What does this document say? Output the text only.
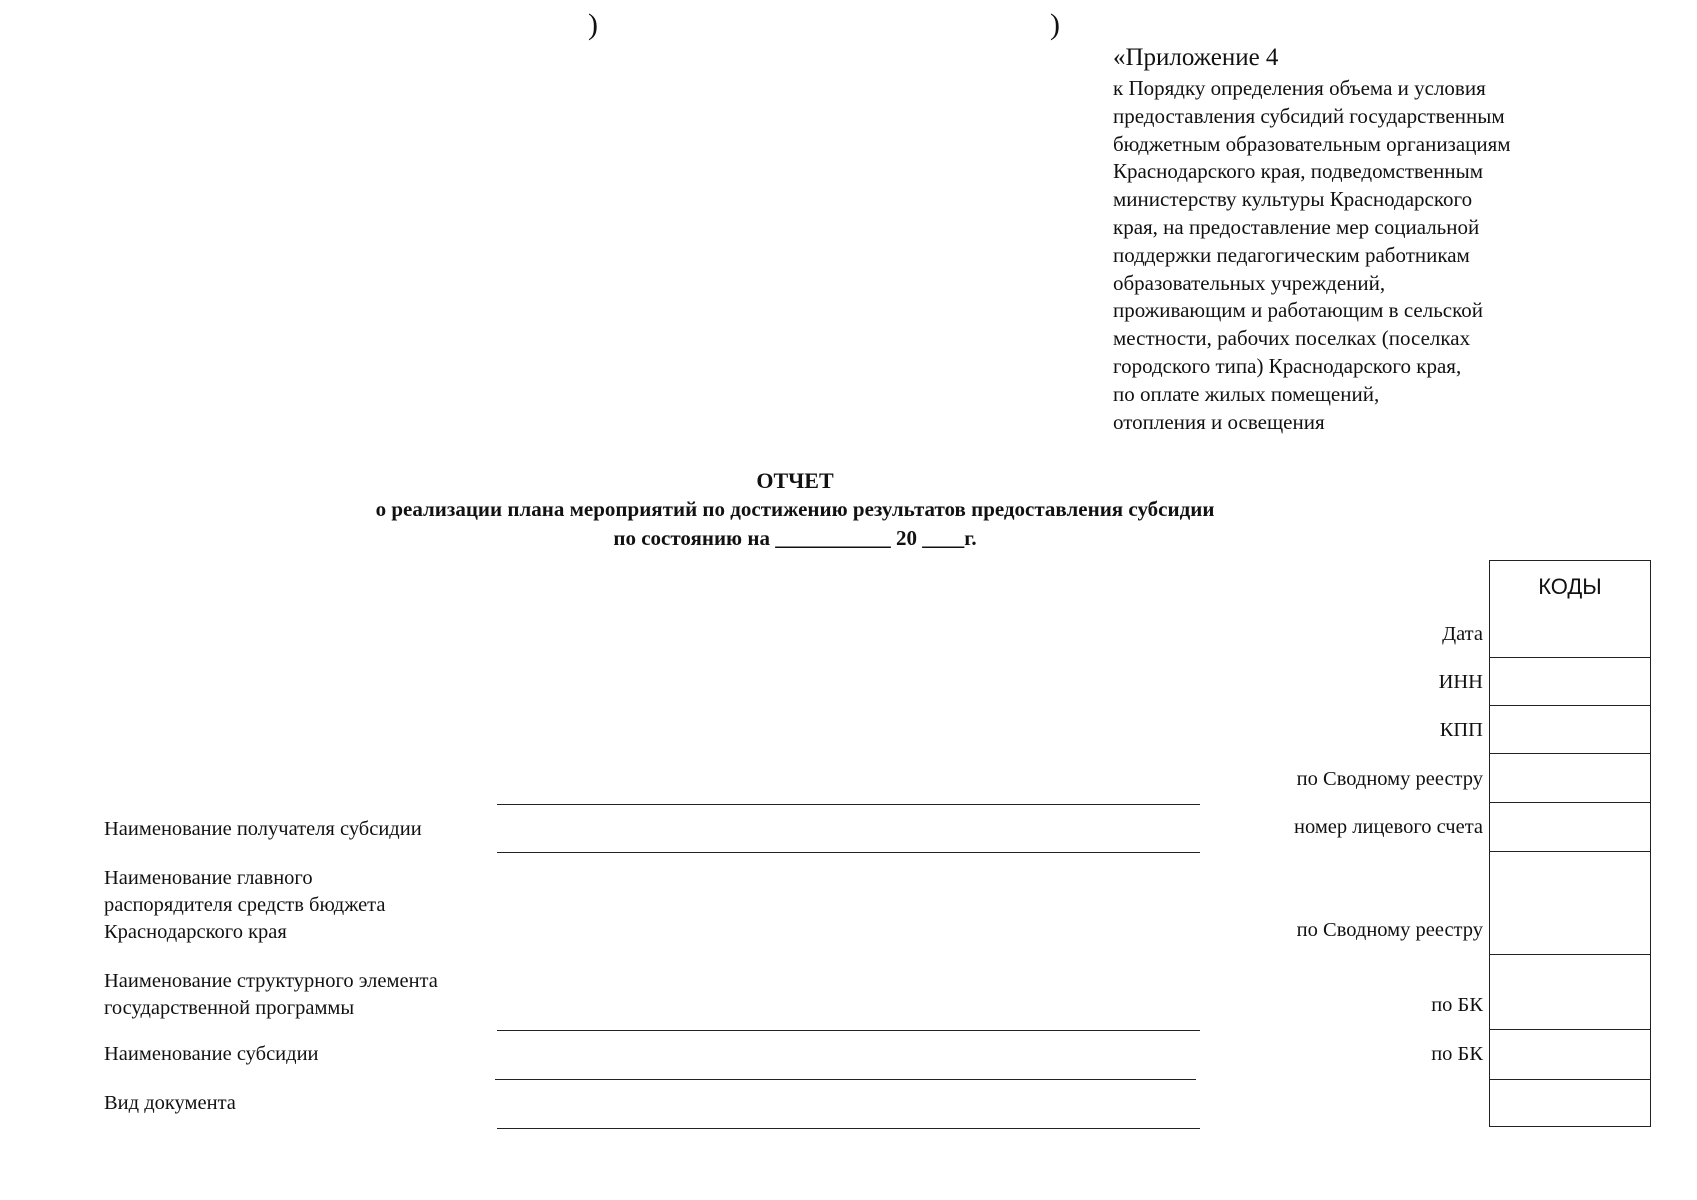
)	)
«Приложение 4
к Порядку определения объема и условия
предоставления субсидий государственным
бюджетным образовательным организациям
Краснодарского края, подведомственным
министерству культуры Краснодарского
края, на предоставление мер социальной
поддержки педагогическим работникам
образовательных учреждений,
проживающим и работающим в сельской
местности, рабочих поселках (поселках
городского типа) Краснодарского края,
по оплате жилых помещений,
отопления и освещения
ОТЧЕТ
о реализации плана мероприятий по достижению результатов предоставления субсидии
по состоянию на ___________ 20 ____г.
Наименование получателя субсидии
Наименование главного
распорядителя средств бюджета
Краснодарского края
Наименование структурного элемента
государственной программы
Наименование субсидии
Вид документа
КОДЫ
Дата
ИНН
КПП
по Сводному реестру
номер лицевого счета
по Сводному реестру
по БК
по БК
